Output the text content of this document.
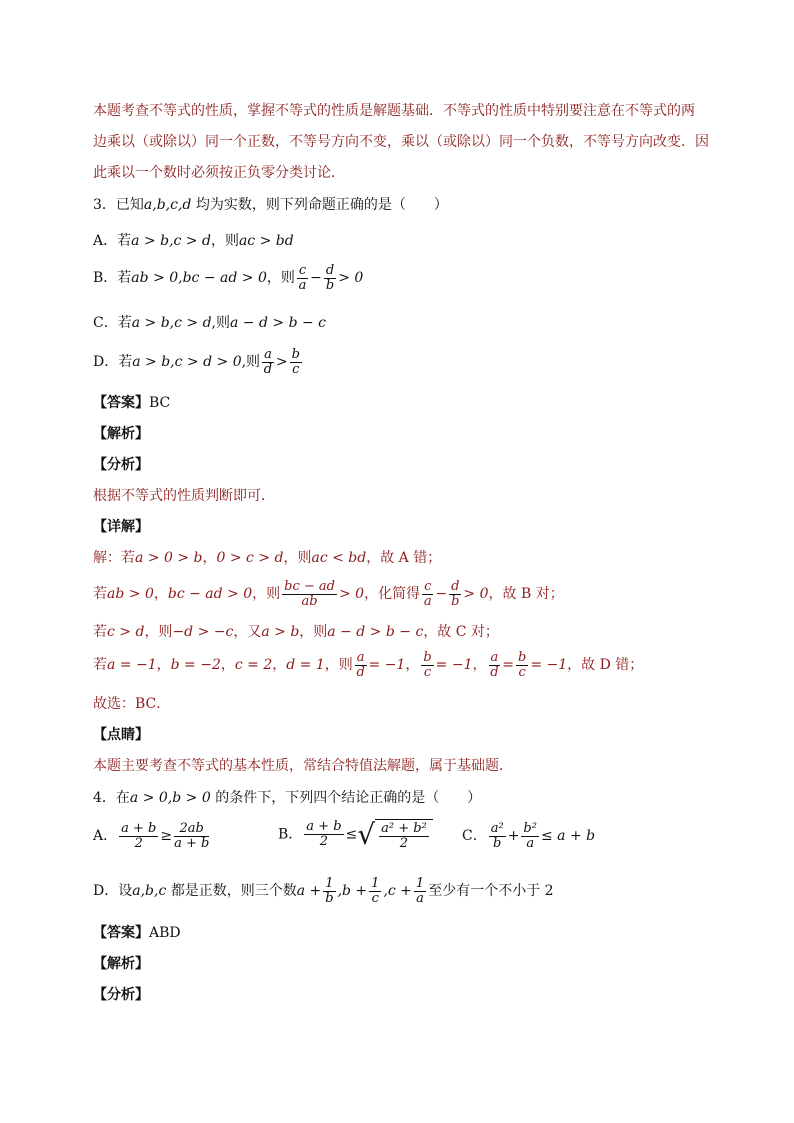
本题考查不等式的性质，掌握不等式的性质是解题基础．不等式的性质中特别要注意在不等式的两
边乘以（或除以）同一个正数，不等号方向不变，乘以（或除以）同一个负数，不等号方向改变．因
此乘以一个数时必须按正负零分类讨论．
3．已知a,b,c,d 均为实数，则下列命题正确的是（　　）
A．若a > b,c > d，则ac > bd
B．若ab > 0,bc − ad > 0，则 $\frac{c}{a} - \frac{d}{b} > 0$
C．若a > b,c > d,则a − d > b − c
D．若a > b,c > d > 0,则 $\frac{a}{d} > \frac{b}{c}$
【答案】BC
【解析】
【分析】
根据不等式的性质判断即可．
【详解】
解：若a > 0 > b，0 > c > d，则ac < bd，故 A 错；
若ab > 0，bc − ad > 0，则 $\frac{bc - ad}{ab} > 0$，化简得 $\frac{c}{a} - \frac{d}{b} > 0$，故 B 对；
若c > d，则−d > −c，又a > b，则a − d > b − c，故 C 对；
若a = −1，b = −2，c = 2，d = 1，则 $\frac{a}{d} = -1$， $\frac{b}{c} = -1$， $\frac{a}{d} = \frac{b}{c} = -1$，故 D 错；
故选：BC．
【点睛】
本题主要考查不等式的基本性质，常结合特值法解题，属于基础题．
4．在a > 0,b > 0 的条件下，下列四个结论正确的是（　　）
A． $\frac{a + b}{2} \ge \frac{2ab}{a + b}$	B． $\frac{a + b}{2}$ ≤√ $\frac{\text{a² + b²}}{2}$ C． $\frac{\text{a²}}{b} + \frac{\text{b²}}{a} \le a + b$
D．设a,b,c 都是正数，则三个数$a + \frac{1}{b} ,b + \frac{1}{c} ,c + \frac{1}{a}$ 至少有一个不小于 2
【答案】ABD
【解析】
【分析】
